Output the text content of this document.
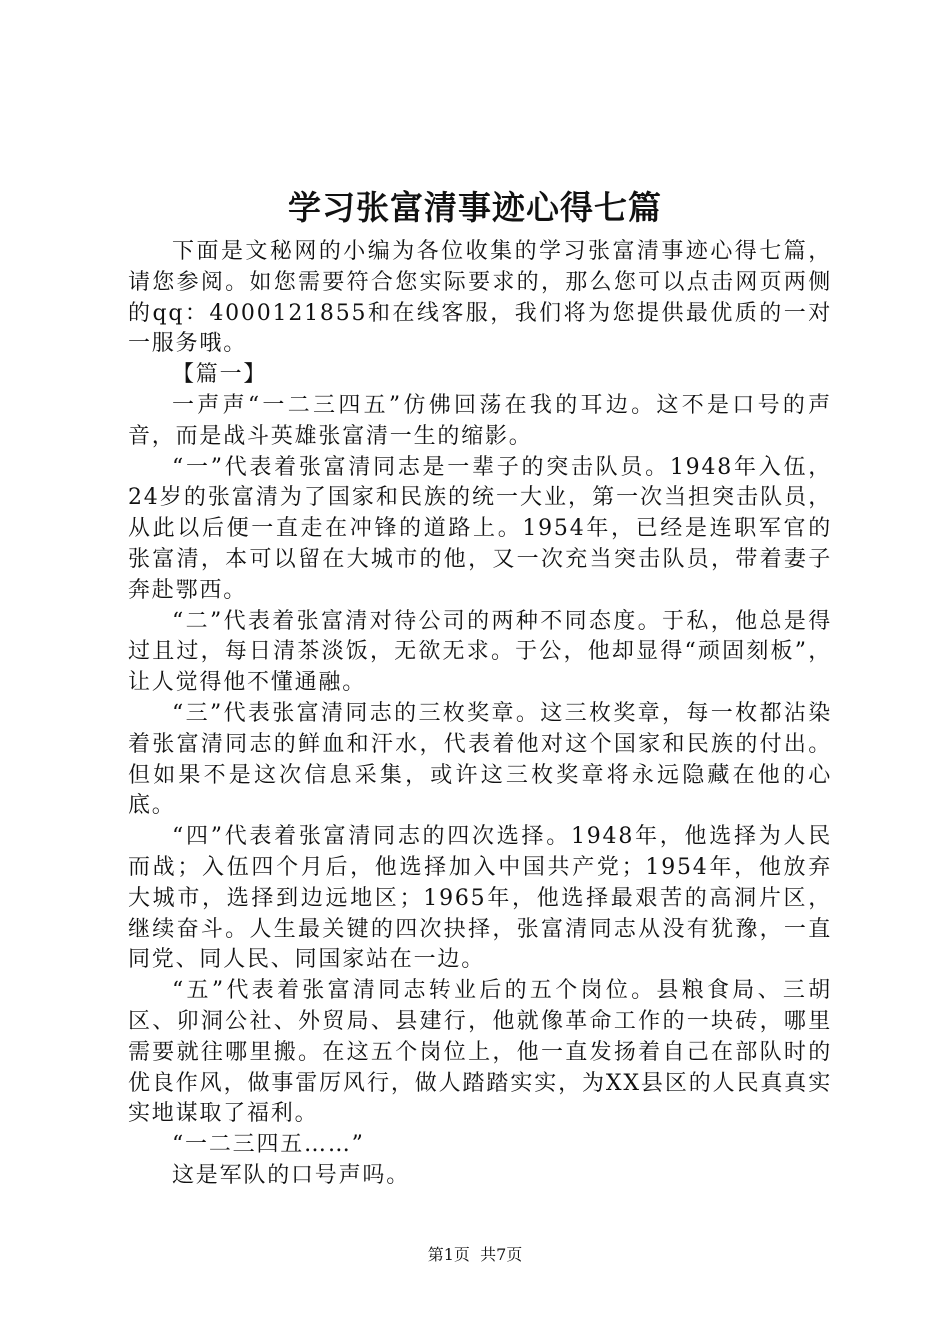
学习张富清事迹心得七篇

下面是文秘网的小编为各位收集的学习张富清事迹心得七篇，请您参阅。如您需要符合您实际要求的，那么您可以点击网页两侧的qq：4000121855和在线客服，我们将为您提供最优质的一对一服务哦。

【篇一】

一声声“一二三四五”仿佛回荡在我的耳边。这不是口号的声音，而是战斗英雄张富清一生的缩影。

“一”代表着张富清同志是一辈子的突击队员。1948年入伍，24岁的张富清为了国家和民族的统一大业，第一次当担突击队员，从此以后便一直走在冲锋的道路上。1954年，已经是连职军官的张富清，本可以留在大城市的他，又一次充当突击队员，带着妻子奔赴鄂西。

“二”代表着张富清对待公司的两种不同态度。于私，他总是得过且过，每日清茶淡饭，无欲无求。于公，他却显得“顽固刻板”，让人觉得他不懂通融。

“三”代表张富清同志的三枚奖章。这三枚奖章，每一枚都沾染着张富清同志的鲜血和汗水，代表着他对这个国家和民族的付出。但如果不是这次信息采集，或许这三枚奖章将永远隐藏在他的心底。

“四”代表着张富清同志的四次选择。1948年，他选择为人民而战；入伍四个月后，他选择加入中国共产党；1954年，他放弃大城市，选择到边远地区；1965年，他选择最艰苦的高洞片区，继续奋斗。人生最关键的四次抉择，张富清同志从没有犹豫，一直同党、同人民、同国家站在一边。

“五”代表着张富清同志转业后的五个岗位。县粮食局、三胡区、卯洞公社、外贸局、县建行，他就像革命工作的一块砖，哪里需要就往哪里搬。在这五个岗位上，他一直发扬着自己在部队时的优良作风，做事雷厉风行，做人踏踏实实，为XX县区的人民真真实实地谋取了福利。

“一二三四五……”

这是军队的口号声吗。

第1页 共7页
